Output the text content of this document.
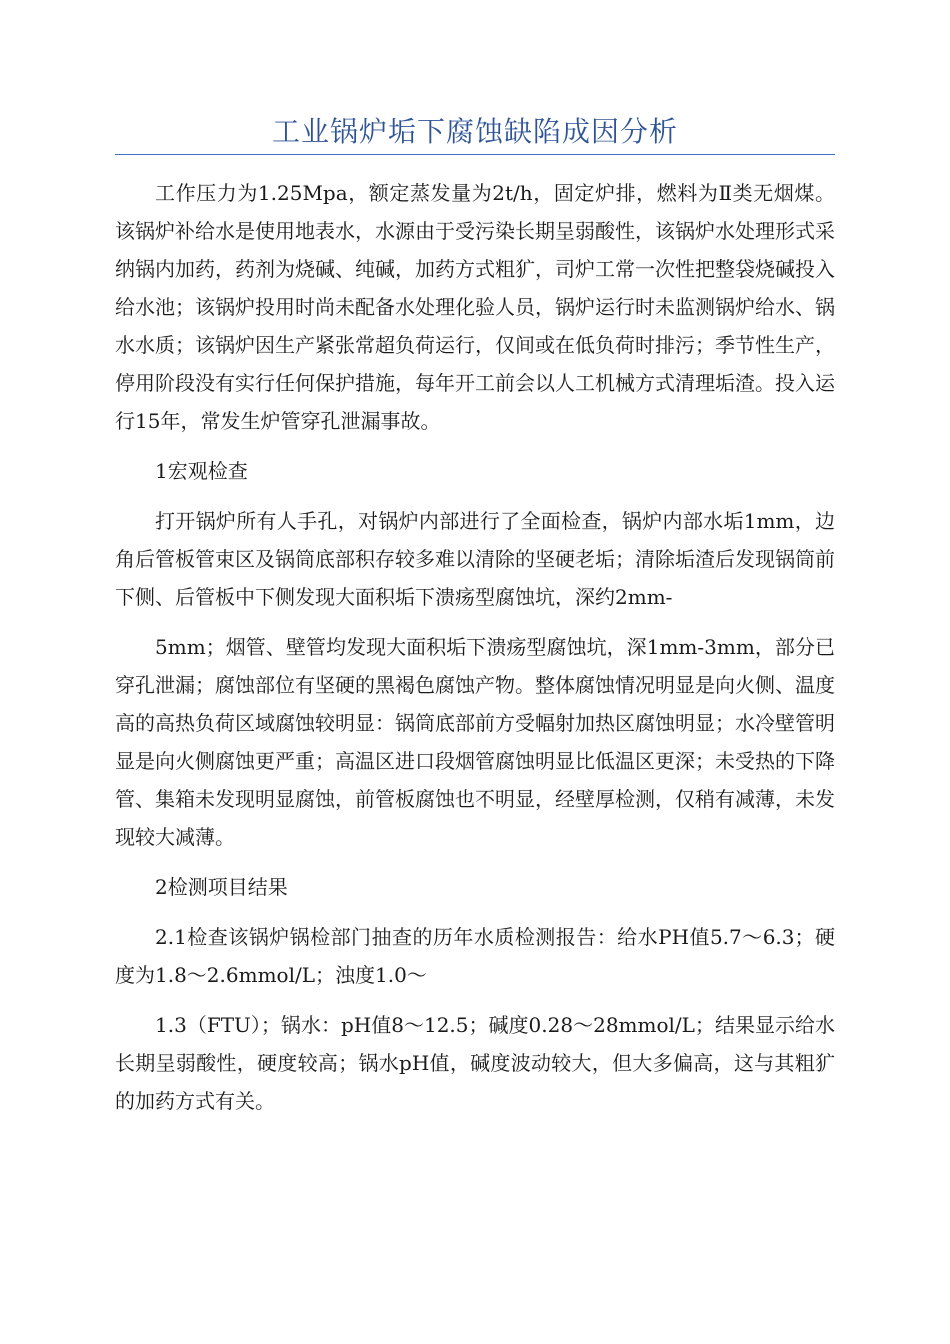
工业锅炉垢下腐蚀缺陷成因分析

工作压力为1.25Mpa，额定蒸发量为2t/h，固定炉排，燃料为Ⅱ类无烟煤。该锅炉补给水是使用地表水，水源由于受污染长期呈弱酸性，该锅炉水处理形式采纳锅内加药，药剂为烧碱、纯碱，加药方式粗犷，司炉工常一次性把整袋烧碱投入给水池；该锅炉投用时尚未配备水处理化验人员，锅炉运行时未监测锅炉给水、锅水水质；该锅炉因生产紧张常超负荷运行，仅间或在低负荷时排污；季节性生产，停用阶段没有实行任何保护措施，每年开工前会以人工机械方式清理垢渣。投入运行15年，常发生炉管穿孔泄漏事故。

1宏观检查

打开锅炉所有人手孔，对锅炉内部进行了全面检查，锅炉内部水垢1mm，边角后管板管束区及锅筒底部积存较多难以清除的坚硬老垢；清除垢渣后发现锅筒前下侧、后管板中下侧发现大面积垢下溃疡型腐蚀坑，深约2mm-

5mm；烟管、壁管均发现大面积垢下溃疡型腐蚀坑，深1mm-3mm，部分已穿孔泄漏；腐蚀部位有坚硬的黑褐色腐蚀产物。整体腐蚀情况明显是向火侧、温度高的高热负荷区域腐蚀较明显：锅筒底部前方受幅射加热区腐蚀明显；水冷壁管明显是向火侧腐蚀更严重；高温区进口段烟管腐蚀明显比低温区更深；未受热的下降管、集箱未发现明显腐蚀，前管板腐蚀也不明显，经壁厚检测，仅稍有减薄，未发现较大减薄。

2检测项目结果

2.1检查该锅炉锅检部门抽查的历年水质检测报告：给水PH值5.7～6.3；硬度为1.8～2.6mmol/L；浊度1.0～

1.3（FTU）；锅水：pH值8～12.5；碱度0.28～28mmol/L；结果显示给水长期呈弱酸性，硬度较高；锅水pH值，碱度波动较大，但大多偏高，这与其粗犷的加药方式有关。
